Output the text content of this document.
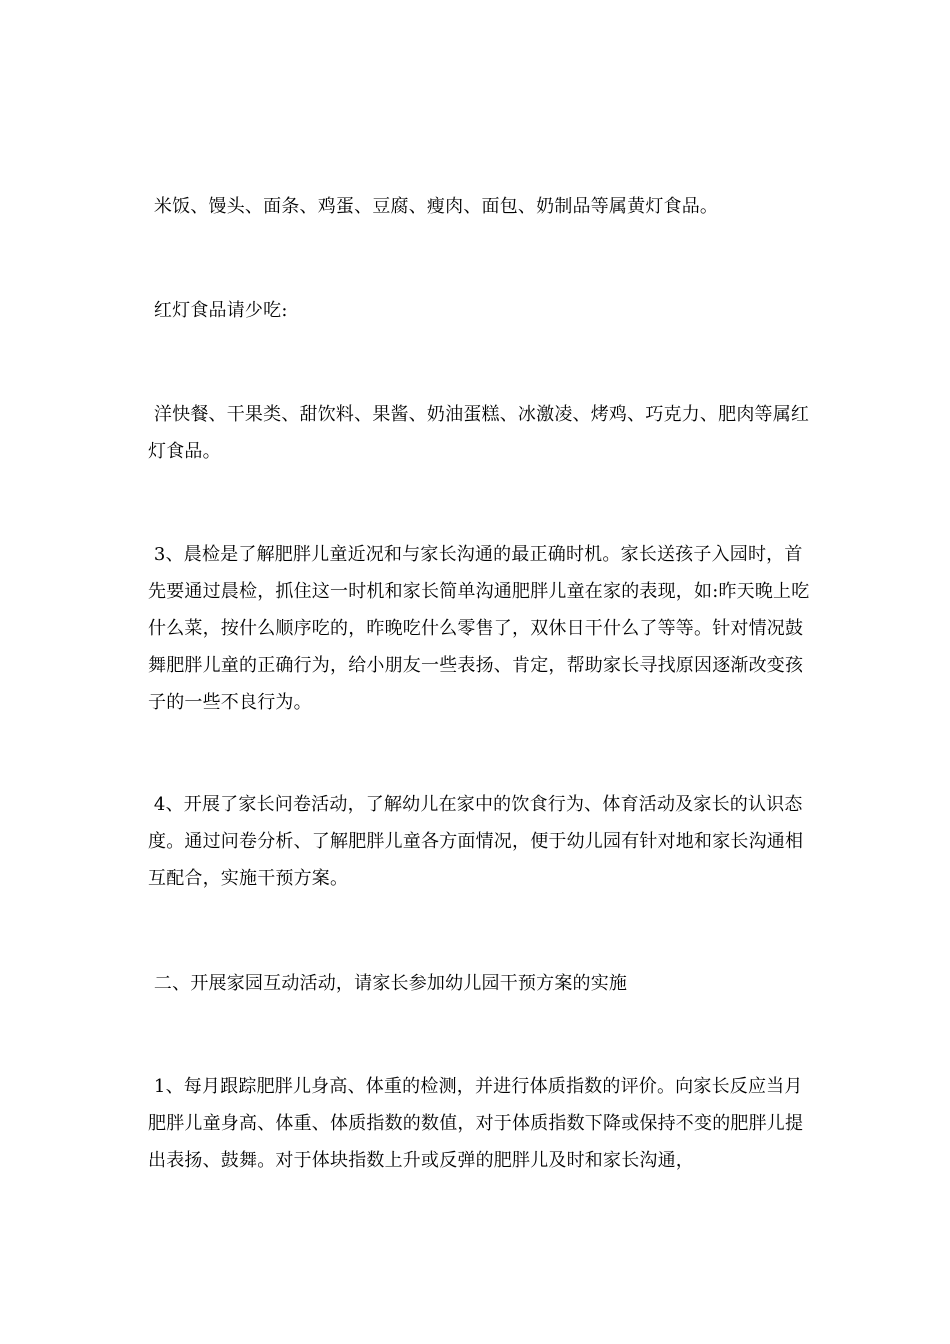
米饭、馒头、面条、鸡蛋、豆腐、瘦肉、面包、奶制品等属黄灯食品。

红灯食品请少吃:

洋快餐、干果类、甜饮料、果酱、奶油蛋糕、冰激凌、烤鸡、巧克力、肥肉等属红灯食品。

3、晨检是了解肥胖儿童近况和与家长沟通的最正确时机。家长送孩子入园时，首先要通过晨检，抓住这一时机和家长简单沟通肥胖儿童在家的表现，如:昨天晚上吃什么菜，按什么顺序吃的，昨晚吃什么零售了，双休日干什么了等等。针对情况鼓舞肥胖儿童的正确行为，给小朋友一些表扬、肯定，帮助家长寻找原因逐渐改变孩子的一些不良行为。

4、开展了家长问卷活动，了解幼儿在家中的饮食行为、体育活动及家长的认识态度。通过问卷分析、了解肥胖儿童各方面情况，便于幼儿园有针对地和家长沟通相互配合，实施干预方案。

二、开展家园互动活动，请家长参加幼儿园干预方案的实施

1、每月跟踪肥胖儿身高、体重的检测，并进行体质指数的评价。向家长反应当月肥胖儿童身高、体重、体质指数的数值，对于体质指数下降或保持不变的肥胖儿提出表扬、鼓舞。对于体块指数上升或反弹的肥胖儿及时和家长沟通，
